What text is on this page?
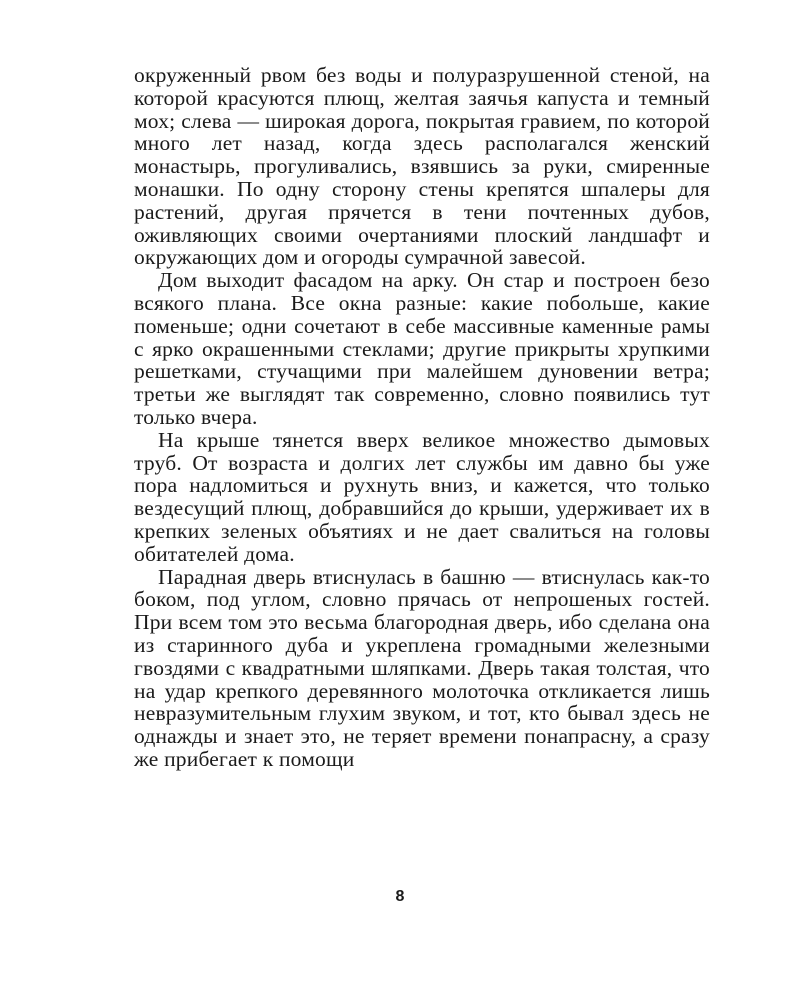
окруженный рвом без воды и полуразрушенной стеной, на которой красуются плющ, желтая заячья капуста и темный мох; слева — широкая дорога, покрытая гравием, по которой много лет назад, когда здесь располагался женский монастырь, прогуливались, взявшись за руки, смиренные монашки. По одну сторону стены крепятся шпалеры для растений, другая прячется в тени почтенных дубов, оживляющих своими очертаниями плоский ландшафт и окружающих дом и огороды сумрачной завесой.

Дом выходит фасадом на арку. Он стар и построен безо всякого плана. Все окна разные: какие побольше, какие поменьше; одни сочетают в себе массивные каменные рамы с ярко окрашенными стеклами; другие прикрыты хрупкими решетками, стучащими при малейшем дуновении ветра; третьи же выглядят так современно, словно появились тут только вчера.

На крыше тянется вверх великое множество дымовых труб. От возраста и долгих лет службы им давно бы уже пора надломиться и рухнуть вниз, и кажется, что только вездесущий плющ, добравшийся до крыши, удерживает их в крепких зеленых объятиях и не дает свалиться на головы обитателей дома.

Парадная дверь втиснулась в башню — втиснулась как-то боком, под углом, словно прячась от непрошеных гостей. При всем том это весьма благородная дверь, ибо сделана она из старинного дуба и укреплена громадными железными гвоздями с квадратными шляпками. Дверь такая толстая, что на удар крепкого деревянного молоточка откликается лишь невразумительным глухим звуком, и тот, кто бывал здесь не однажды и знает это, не теряет времени понапрасну, а сразу же прибегает к помощи

8
